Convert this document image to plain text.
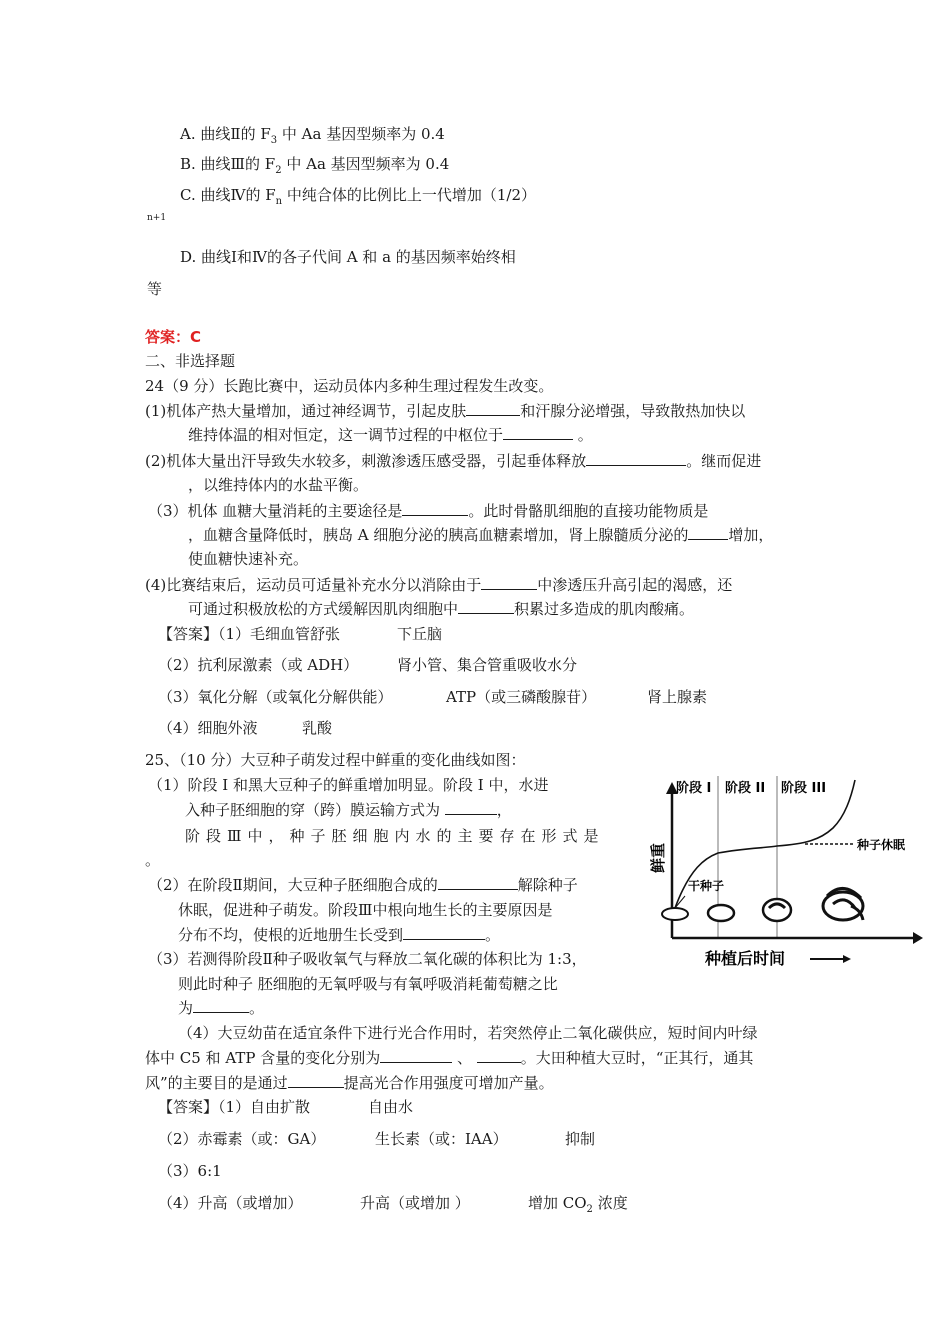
A. 曲线Ⅱ的 $F_3$ 中 Aa 基因型频率为 0.4
B. 曲线Ⅲ的 $F_2$ 中 Aa 基因型频率为 0.4
C. 曲线Ⅳ的 $F_n$ 中纯合体的比例比上一代增加（1/2）
n+1
D. 曲线Ⅰ和Ⅳ的各子代间 A 和 a 的基因频率始终相
等
答案：C
二、非选择题
24（9 分）长跑比赛中，运动员体内多种生理过程发生改变。
(1)机体产热大量增加，通过神经调节，引起皮肤	和汗腺分泌增强，导致散热加快以
维持体温的相对恒定，这一调节过程的中枢位于	。
(2)机体大量出汗导致失水较多，刺激渗透压感受器，引起垂体释放	。继而促进
，以维持体内的水盐平衡。
（3）机体 血糖大量消耗的主要途径是	。此时骨骼肌细胞的直接功能物质是
，血糖含量降低时，胰岛 A 细胞分泌的胰高血糖素增加，肾上腺髓质分泌的	增加，
使血糖快速补充。
(4)比赛结束后，运动员可适量补充水分以消除由于	中渗透压升高引起的渴感，还
可通过积极放松的方式缓解因肌肉细胞中	积累过多造成的肌肉酸痛。
【答案】（1）毛细血管舒张	下丘脑
（2）抗利尿激素（或 ADH）	肾小管、集合管重吸收水分
（3）氧化分解（或氧化分解供能）	ATP（或三磷酸腺苷）	肾上腺素
（4）细胞外液	乳酸
25、（10 分）大豆种子萌发过程中鲜重的变化曲线如图：
（1）阶段 I 和黑大豆种子的鲜重增加明显。阶段 I 中，水进
入种子胚细胞的穿（跨）膜运输方式为	，
阶段Ⅲ中，种子胚细胞内水的主要存在形式是
。
（2）在阶段Ⅱ期间，大豆种子胚细胞合成的	解除种子
休眠，促进种子萌发。阶段Ⅲ中根向地生长的主要原因是
分布不均，使根的近地册生长受到	。
（3）若测得阶段Ⅱ种子吸收氧气与释放二氧化碳的体积比为 1:3，
则此时种子 胚细胞的无氧呼吸与有氧呼吸消耗葡萄糖之比
为	。
（4）大豆幼苗在适宜条件下进行光合作用时，若突然停止二氧化碳供应，短时间内叶绿
体中 C5 和 ATP 含量的变化分别为	、	。大田种植大豆时，“正其行，通其
风”的主要目的是通过	提高光合作用强度可增加产量。
【答案】（1）自由扩散	自由水
（2）赤霉素（或：GA）	生长素（或：IAA）	抑制
（3）6:1
（4）升高（或增加）	升高（或增加 ）	增加 $CO_2$ 浓度
阶段 I 阶段 II 阶段 III
鲜重
种植后时间
种子休眠
干种子
